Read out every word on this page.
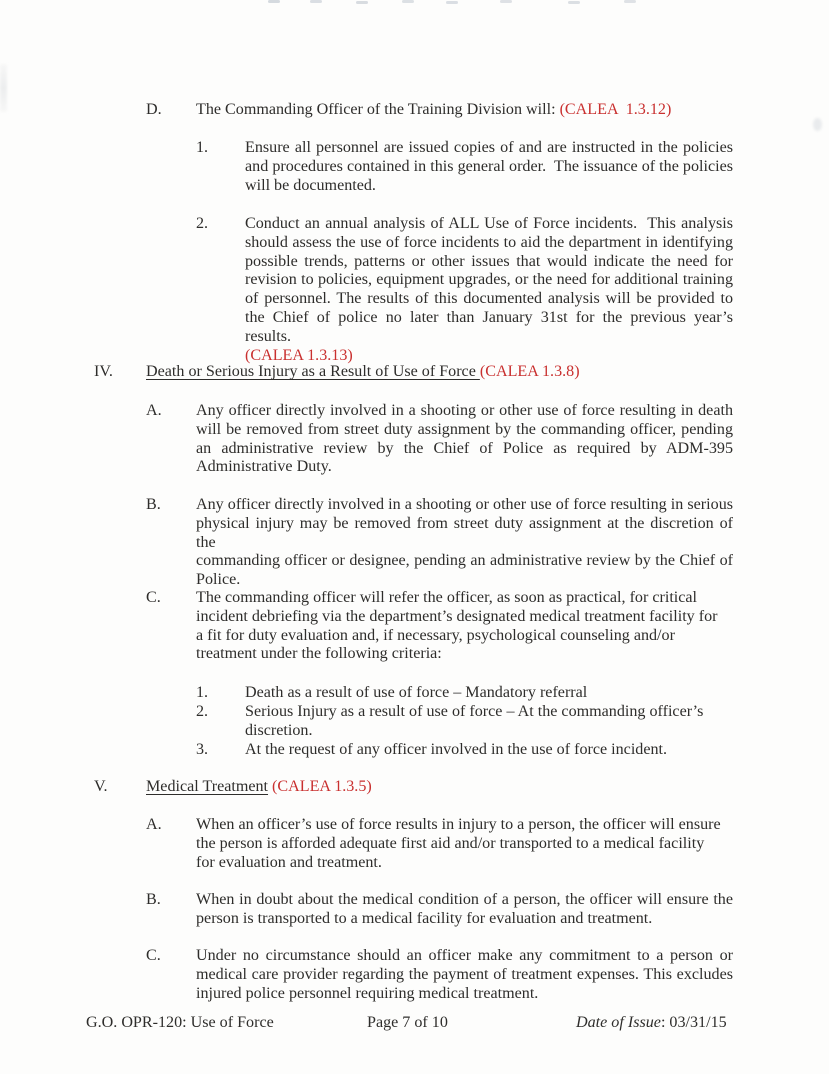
D. The Commanding Officer of the Training Division will: (CALEA  1.3.12)
1. Ensure all personnel are issued copies of and are instructed in the policies
and procedures contained in this general order.  The issuance of the policies
will be documented.
2. Conduct an annual analysis of ALL Use of Force incidents.  This analysis
should assess the use of force incidents to aid the department in identifying
possible trends, patterns or other issues that would indicate the need for
revision to policies, equipment upgrades, or the need for additional training
of personnel. The results of this documented analysis will be provided to
the Chief of police no later than January 31st for the previous year’s results.
(CALEA 1.3.13)
IV. Death or Serious Injury as a Result of Use of Force (CALEA 1.3.8)
A. Any officer directly involved in a shooting or other use of force resulting in death
will be removed from street duty assignment by the commanding officer, pending
an administrative review by the Chief of Police as required by ADM-395
Administrative Duty.
B. Any officer directly involved in a shooting or other use of force resulting in serious
physical injury may be removed from street duty assignment at the discretion of the
commanding officer or designee, pending an administrative review by the Chief of
Police.
C. The commanding officer will refer the officer, as soon as practical, for critical
incident debriefing via the department’s designated medical treatment facility for
a fit for duty evaluation and, if necessary, psychological counseling and/or
treatment under the following criteria:
1. Death as a result of use of force – Mandatory referral
2. Serious Injury as a result of use of force – At the commanding officer’s
discretion.
3. At the request of any officer involved in the use of force incident.
V. Medical Treatment (CALEA 1.3.5)
A. When an officer’s use of force results in injury to a person, the officer will ensure
the person is afforded adequate first aid and/or transported to a medical facility
for evaluation and treatment.
B. When in doubt about the medical condition of a person, the officer will ensure the
person is transported to a medical facility for evaluation and treatment.
C. Under no circumstance should an officer make any commitment to a person or
medical care provider regarding the payment of treatment expenses. This excludes
injured police personnel requiring medical treatment.
G.O. OPR-120: Use of Force	Page 7 of 10	Date of Issue: 03/31/15
